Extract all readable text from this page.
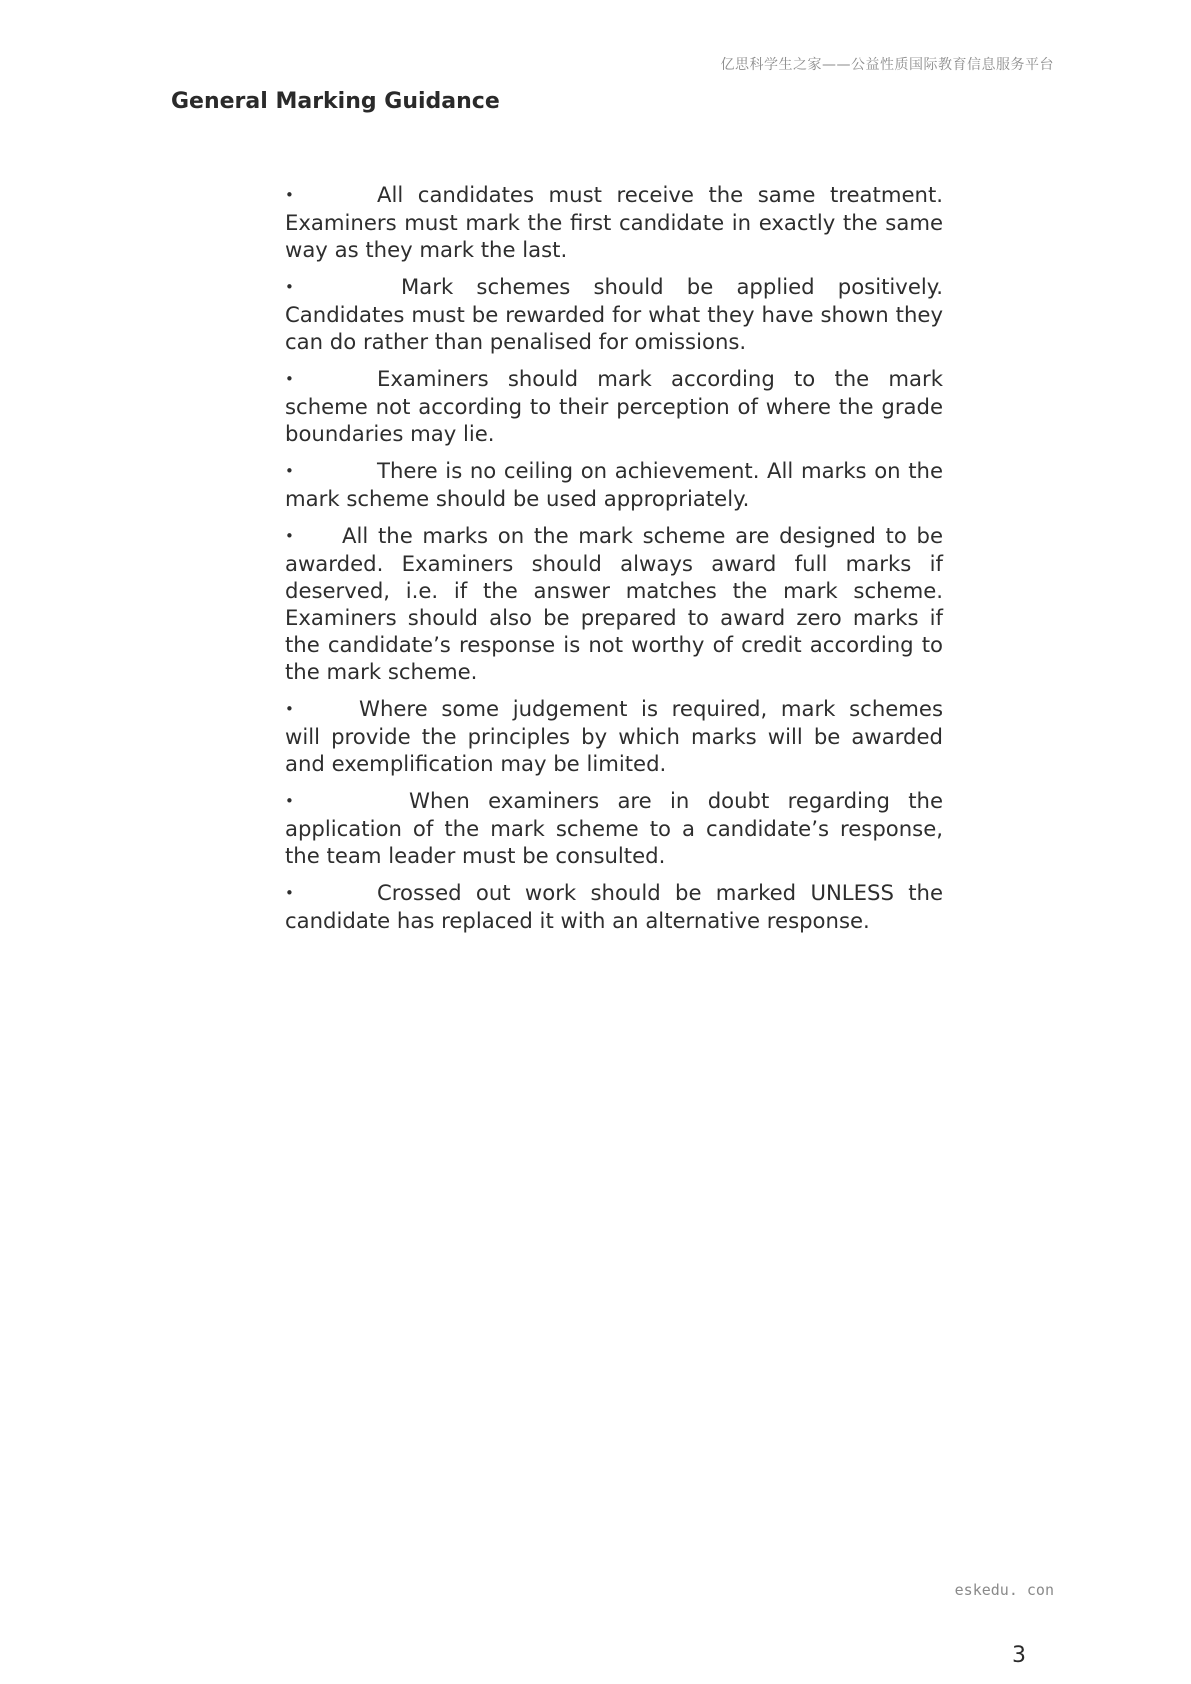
亿思科学生之家——公益性质国际教育信息服务平台
General Marking Guidance
•	All candidates must receive the same treatment. Examiners must mark the first candidate in exactly the same way as they mark the last.
•	Mark schemes should be applied positively. Candidates must be rewarded for what they have shown they can do rather than penalised for omissions.
•	Examiners should mark according to the mark scheme not according to their perception of where the grade boundaries may lie.
•	There is no ceiling on achievement. All marks on the mark scheme should be used appropriately.
• All the marks on the mark scheme are designed to be awarded. Examiners should always award full marks if deserved, i.e. if the answer matches the mark scheme. Examiners should also be prepared to award zero marks if the candidate’s response is not worthy of credit according to the mark scheme.
•	Where some judgement is required, mark schemes will provide the principles by which marks will be awarded and exemplification may be limited.
•	When examiners are in doubt regarding the application of the mark scheme to a candidate’s response, the team leader must be consulted.
•	Crossed out work should be marked UNLESS the candidate has replaced it with an alternative response.
eskedu. con
3
